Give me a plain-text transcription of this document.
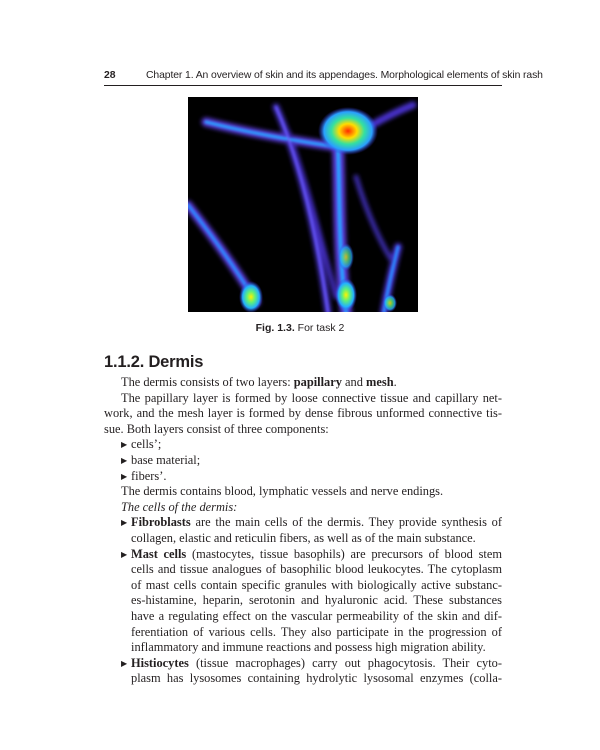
28	Chapter 1. An overview of skin and its appendages. Morphological elements of skin rash
Fig. 1.3. For task 2
1.1.2. Dermis

The dermis consists of two layers: papillary and mesh.

The papillary layer is formed by loose connective tissue and capillary net-

work, and the mesh layer is formed by dense fibrous unformed connective tis-

sue. Both layers consist of three components:

▶ cells’;
▶ base material;
▶ fibers’.

The dermis contains blood, lymphatic vessels and nerve endings.

The cells of the dermis:

▶ Fibroblasts are the main cells of the dermis. They provide synthesis of

collagen, elastic and reticulin fibers, as well as of the main substance.

▶ Mast cells (mastocytes, tissue basophils) are precursors of blood stem

cells and tissue analogues of basophilic blood leukocytes. The cytoplasm

of mast cells contain specific granules with biologically active substanc-

es-histamine, heparin, serotonin and hyaluronic acid. These substances

have a regulating effect on the vascular permeability of the skin and dif-

ferentiation of various cells. They also participate in the progression of

inflammatory and immune reactions and possess high migration ability.

▶ Histiocytes (tissue macrophages) carry out phagocytosis. Their cyto-

plasm has lysosomes containing hydrolytic lysosomal enzymes (colla-
